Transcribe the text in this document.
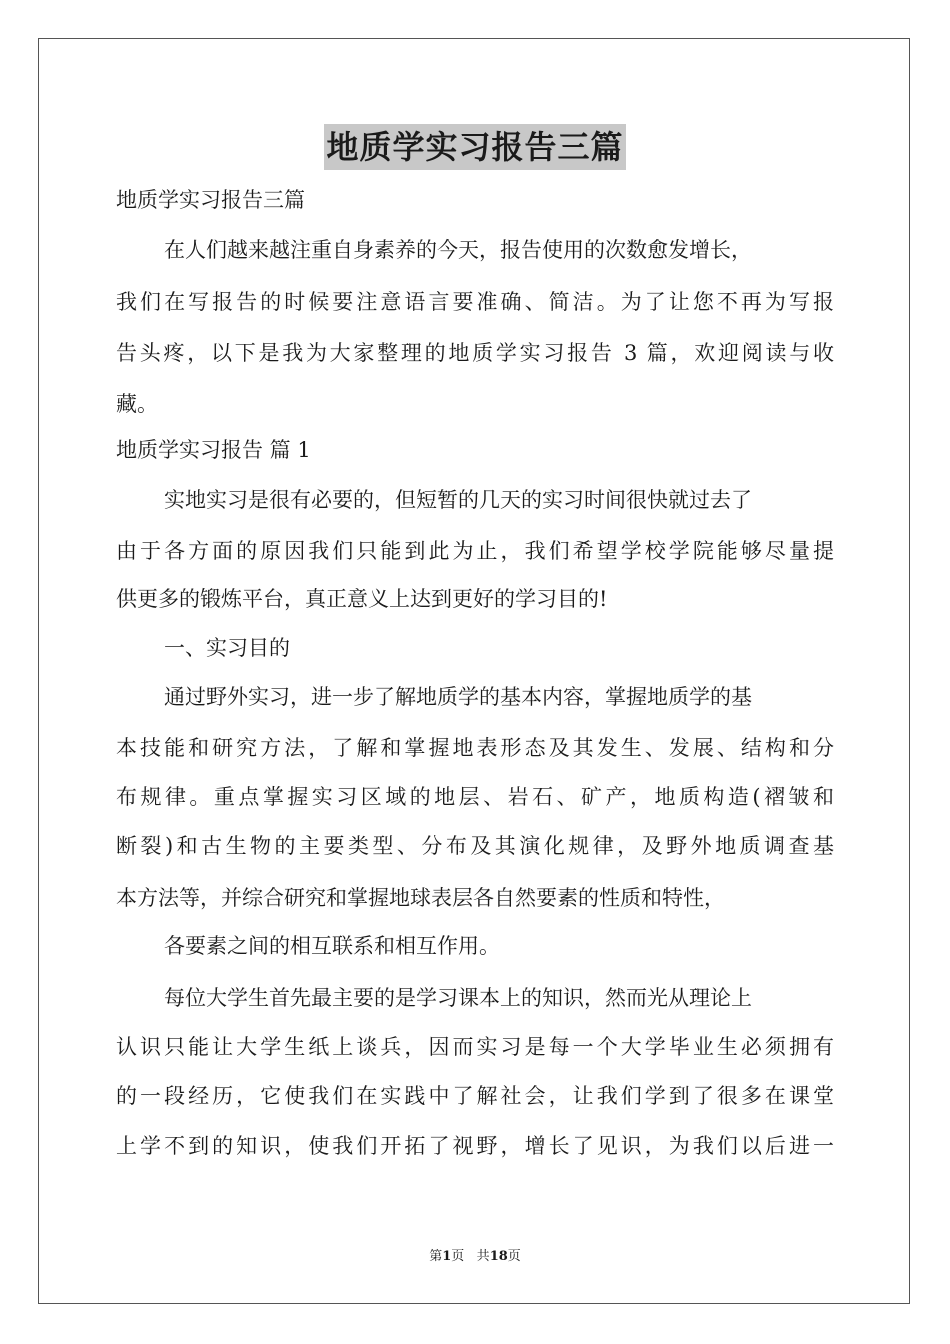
地质学实习报告三篇
地质学实习报告三篇
在人们越来越注重自身素养的今天，报告使用的次数愈发增长，
我们在写报告的时候要注意语言要准确、简洁。为了让您不再为写报
告头疼，以下是我为大家整理的地质学实习报告 3 篇，欢迎阅读与收
藏。
地质学实习报告 篇 1
实地实习是很有必要的，但短暂的几天的实习时间很快就过去了
由于各方面的原因我们只能到此为止，我们希望学校学院能够尽量提
供更多的锻炼平台，真正意义上达到更好的学习目的!
一、实习目的
通过野外实习，进一步了解地质学的基本内容，掌握地质学的基
本技能和研究方法，了解和掌握地表形态及其发生、发展、结构和分
布规律。重点掌握实习区域的地层、岩石、矿产，地质构造(褶皱和
断裂)和古生物的主要类型、分布及其演化规律，及野外地质调查基
本方法等，并综合研究和掌握地球表层各自然要素的性质和特性，
各要素之间的相互联系和相互作用。
每位大学生首先最主要的是学习课本上的知识，然而光从理论上
认识只能让大学生纸上谈兵，因而实习是每一个大学毕业生必须拥有
的一段经历，它使我们在实践中了解社会，让我们学到了很多在课堂
上学不到的知识，使我们开拓了视野，增长了见识，为我们以后进一
第1页 共18页
